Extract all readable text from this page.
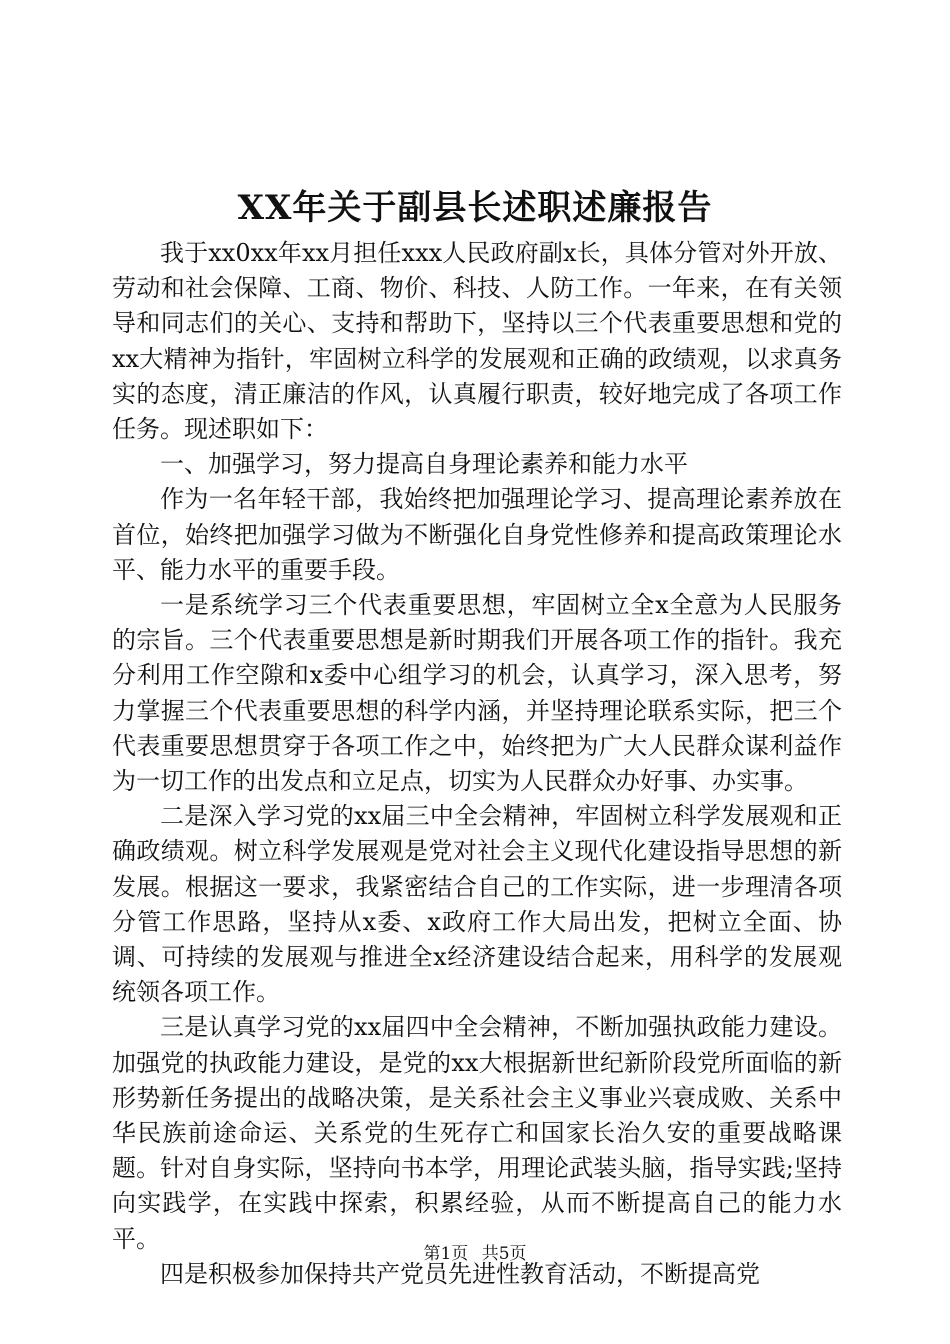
XX年关于副县长述职述廉报告

我于xx0xx年xx月担任xxx人民政府副x长，具体分管对外开放、劳动和社会保障、工商、物价、科技、人防工作。一年来，在有关领导和同志们的关心、支持和帮助下，坚持以三个代表重要思想和党的xx大精神为指针，牢固树立科学的发展观和正确的政绩观，以求真务实的态度，清正廉洁的作风，认真履行职责，较好地完成了各项工作任务。现述职如下：

一、加强学习，努力提高自身理论素养和能力水平

作为一名年轻干部，我始终把加强理论学习、提高理论素养放在首位，始终把加强学习做为不断强化自身党性修养和提高政策理论水平、能力水平的重要手段。

一是系统学习三个代表重要思想，牢固树立全x全意为人民服务的宗旨。三个代表重要思想是新时期我们开展各项工作的指针。我充分利用工作空隙和x委中心组学习的机会，认真学习，深入思考，努力掌握三个代表重要思想的科学内涵，并坚持理论联系实际，把三个代表重要思想贯穿于各项工作之中，始终把为广大人民群众谋利益作为一切工作的出发点和立足点，切实为人民群众办好事、办实事。

二是深入学习党的xx届三中全会精神，牢固树立科学发展观和正确政绩观。树立科学发展观是党对社会主义现代化建设指导思想的新发展。根据这一要求，我紧密结合自己的工作实际，进一步理清各项分管工作思路，坚持从x委、x政府工作大局出发，把树立全面、协调、可持续的发展观与推进全x经济建设结合起来，用科学的发展观统领各项工作。

三是认真学习党的xx届四中全会精神，不断加强执政能力建设。加强党的执政能力建设，是党的xx大根据新世纪新阶段党所面临的新形势新任务提出的战略决策，是关系社会主义事业兴衰成败、关系中华民族前途命运、关系党的生死存亡和国家长治久安的重要战略课题。针对自身实际，坚持向书本学，用理论武装头脑，指导实践;坚持向实践学，在实践中探索，积累经验，从而不断提高自己的能力水平。

四是积极参加保持共产党员先进性教育活动，不断提高党

第1页 共5页
